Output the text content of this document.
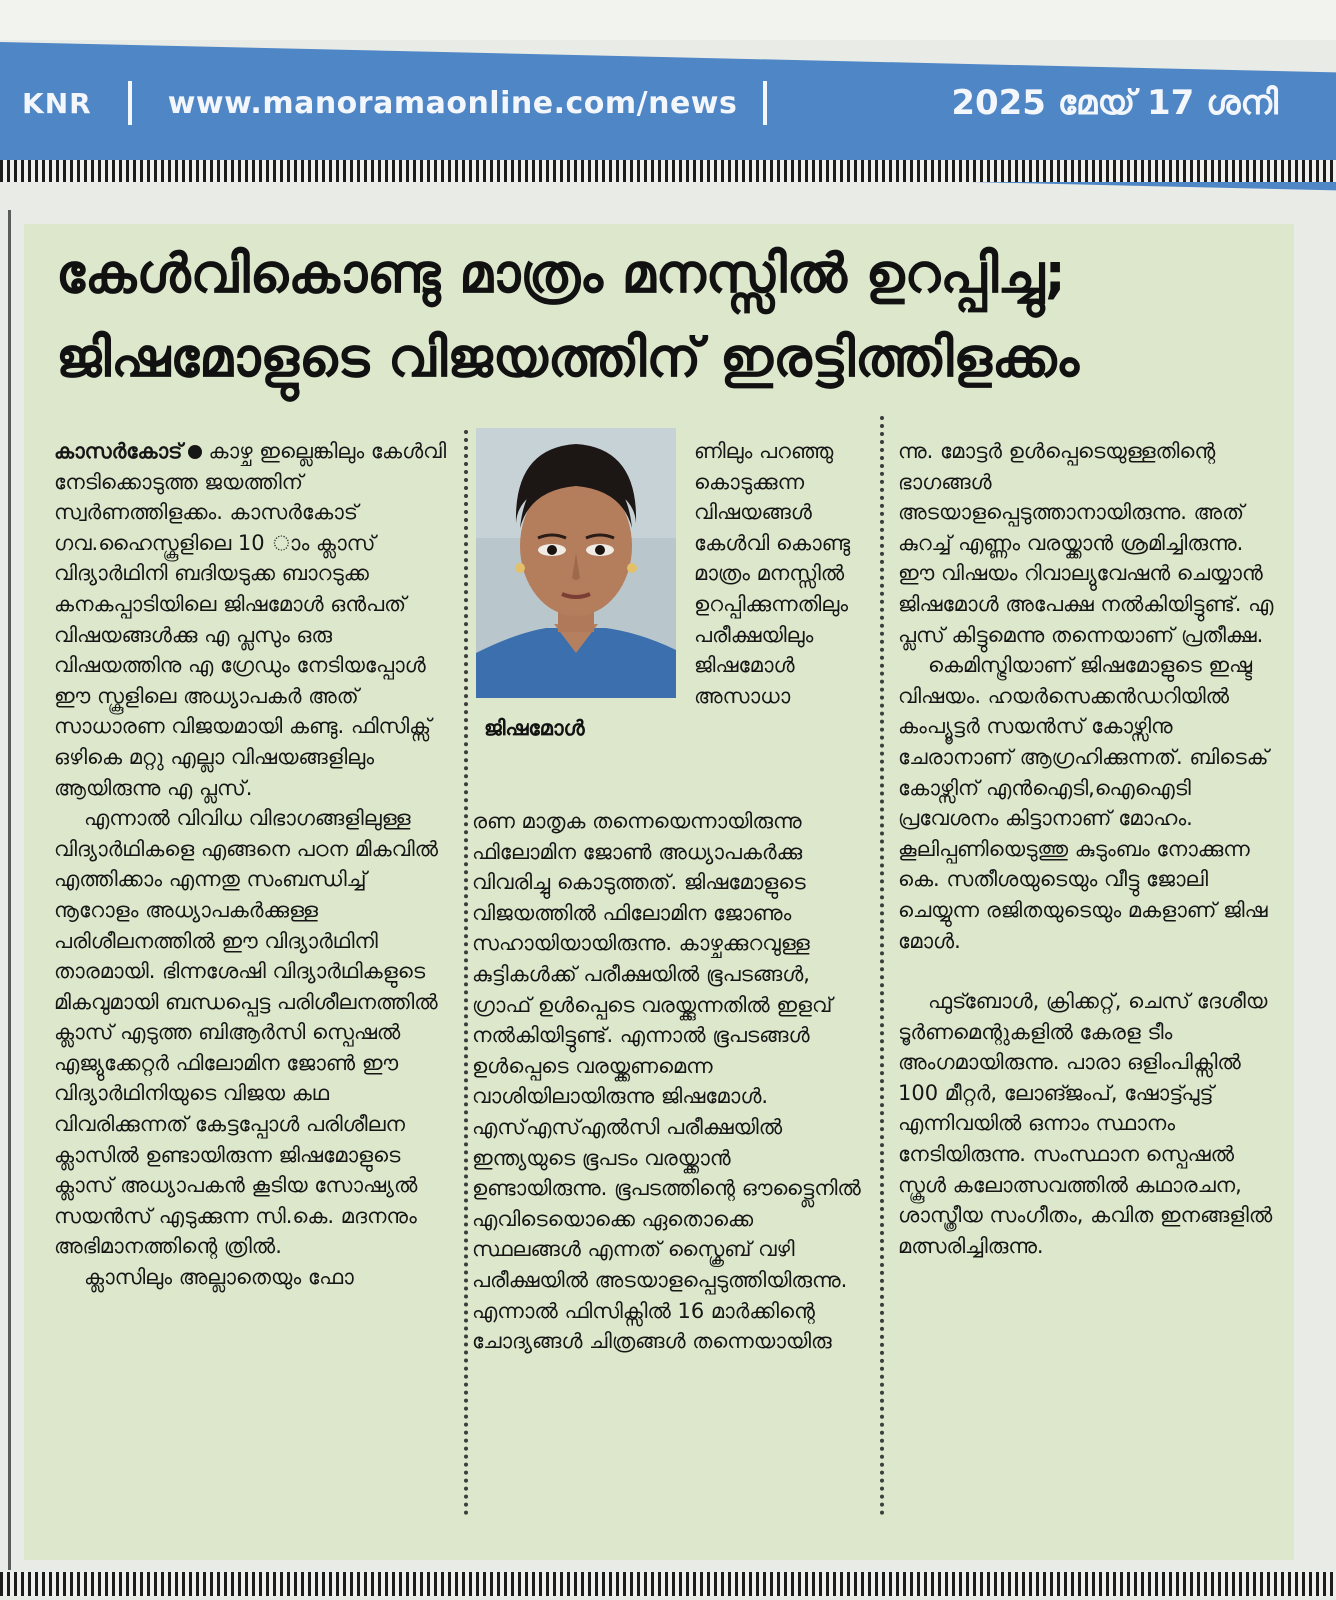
KNR	www.manoramaonline.com/news	2025 മേയ് 17 ശനി
കേൾവികൊണ്ടു മാത്രം മനസ്സിൽ ഉറപ്പിച്ചു;
ജിഷമോളുടെ വിജയത്തിന് ഇരട്ടിത്തിളക്കം

കാസർകോട് കാഴ്ച ഇല്ലെങ്കിലും കേൾവി നേടിക്കൊടുത്ത ജയത്തിന് സ്വർണത്തിളക്കം. കാസർകോട് ഗവ.ഹൈസ്കൂളിലെ 10 ാം ക്ലാസ് വിദ്യാർഥിനി ബദിയടുക്ക ബാറടുക്ക കനകപ്പാടിയിലെ ജിഷമോൾ ഒൻപത് വിഷയങ്ങൾക്കു എ പ്ലസും ഒരു വിഷയത്തിനു എ ഗ്രേഡും നേടിയപ്പോൾ ഈ സ്കൂളിലെ അധ്യാപകർ അത് സാധാരണ വിജയമായി കണ്ടു. ഫിസിക്സ് ഒഴികെ മറ്റു എല്ലാ വിഷയങ്ങളിലും ആയിരുന്നു എ പ്ലസ്.

എന്നാൽ വിവിധ വിഭാഗങ്ങളിലുള്ള വിദ്യാർഥികളെ എങ്ങനെ പഠന മികവിൽ എത്തിക്കാം എന്നതു സംബന്ധിച്ച് നൂറോളം അധ്യാപകർക്കുള്ള പരിശീലനത്തിൽ ഈ വിദ്യാർഥിനി താരമായി. ഭിന്നശേഷി വിദ്യാർഥികളുടെ മികവുമായി ബന്ധപ്പെട്ട പരിശീലനത്തിൽ ക്ലാസ് എടുത്ത ബിആർസി സ്പെഷൽ എജ്യുക്കേറ്റർ ഫിലോമിന ജോൺ ഈ വിദ്യാർഥിനിയുടെ വിജയ കഥ വിവരിക്കുന്നത് കേട്ടപ്പോൾ പരിശീലന ക്ലാസിൽ ഉണ്ടായിരുന്ന ജിഷമോളുടെ ക്ലാസ് അധ്യാപകൻ കൂടിയ സോഷ്യൽ സയൻസ് എടുക്കുന്ന സി.കെ. മദനനും അഭിമാനത്തിന്റെ ത്രിൽ.

ക്ലാസിലും അല്ലാതെയും ഫോ

ജിഷമോൾ

ണിലും പറഞ്ഞു കൊടുക്കുന്ന വിഷയങ്ങൾ കേൾവി കൊണ്ടു മാത്രം മനസ്സിൽ ഉറപ്പിക്കുന്നതിലും പരീക്ഷയിലും ജിഷമോൾ അസാധാ

രണ മാതൃക തന്നെയെന്നായിരുന്നു ഫിലോമിന ജോൺ അധ്യാപകർക്കു വിവരിച്ചു കൊടുത്തത്. ജിഷമോളുടെ വിജയത്തിൽ ഫിലോമിന ജോണും സഹായിയായിരുന്നു. കാഴ്ചക്കുറവുള്ള കുട്ടികൾക്ക് പരീക്ഷയിൽ ഭൂപടങ്ങൾ, ഗ്രാഫ് ഉൾപ്പെടെ വരയ്ക്കുന്നതിൽ ഇളവ് നൽകിയിട്ടുണ്ട്. എന്നാൽ ഭൂപടങ്ങൾ ഉൾപ്പെടെ വരയ്ക്കണമെന്ന വാശിയിലായിരുന്നു ജിഷമോൾ. എസ്എസ്എൽസി പരീക്ഷയിൽ ഇന്ത്യയുടെ ഭൂപടം വരയ്ക്കാൻ ഉണ്ടായിരുന്നു. ഭൂപടത്തിന്റെ ഔട്ട്ലൈനിൽ എവിടെയൊക്കെ ഏതൊക്കെ സ്ഥലങ്ങൾ എന്നത് സ്ക്രൈബ് വഴി പരീക്ഷയിൽ അടയാളപ്പെടുത്തിയിരുന്നു. എന്നാൽ ഫിസിക്സിൽ 16 മാർക്കിന്റെ ചോദ്യങ്ങൾ ചിത്രങ്ങൾ തന്നെയായിരു

ന്നു. മോട്ടർ ഉൾപ്പെടെയുള്ളതിന്റെ ഭാഗങ്ങൾ അടയാളപ്പെടുത്താനായിരുന്നു. അത് കുറച്ച് എണ്ണം വരയ്ക്കാൻ ശ്രമിച്ചിരുന്നു. ഈ വിഷയം റിവാല്യുവേഷൻ ചെയ്യാൻ ജിഷമോൾ അപേക്ഷ നൽകിയിട്ടുണ്ട്. എ പ്ലസ് കിട്ടുമെന്നു തന്നെയാണ് പ്രതീക്ഷ.

കെമിസ്ട്രിയാണ് ജിഷമോളുടെ ഇഷ്ട വിഷയം. ഹയർസെക്കൻഡറിയിൽ കംപ്യൂട്ടർ സയൻസ് കോഴ്സിനു ചേരാനാണ് ആഗ്രഹിക്കുന്നത്. ബിടെക് കോഴ്സിന് എൻഐടി,ഐഐടി പ്രവേശനം കിട്ടാനാണ് മോഹം. കൂലിപ്പണിയെടുത്തു കുടുംബം നോക്കുന്ന കെ. സതീശയുടെയും വീട്ടു ജോലി ചെയ്യുന്ന രജിതയുടെയും മകളാണ് ജിഷ മോൾ.

ഫുട്ബോൾ, ക്രിക്കറ്റ്, ചെസ് ദേശീയ ടൂർണമെന്റുകളിൽ കേരള ടീം അംഗമായിരുന്നു. പാരാ ഒളിംപിക്സിൽ 100 മീറ്റർ, ലോങ്ജംപ്, ഷോട്ട്പുട്ട് എന്നിവയിൽ ഒന്നാം സ്ഥാനം നേടിയിരുന്നു. സംസ്ഥാന സ്പെഷൽ സ്കൂൾ കലോത്സവത്തിൽ കഥാരചന, ശാസ്ത്രീയ സംഗീതം, കവിത ഇനങ്ങളിൽ മത്സരിച്ചിരുന്നു.
